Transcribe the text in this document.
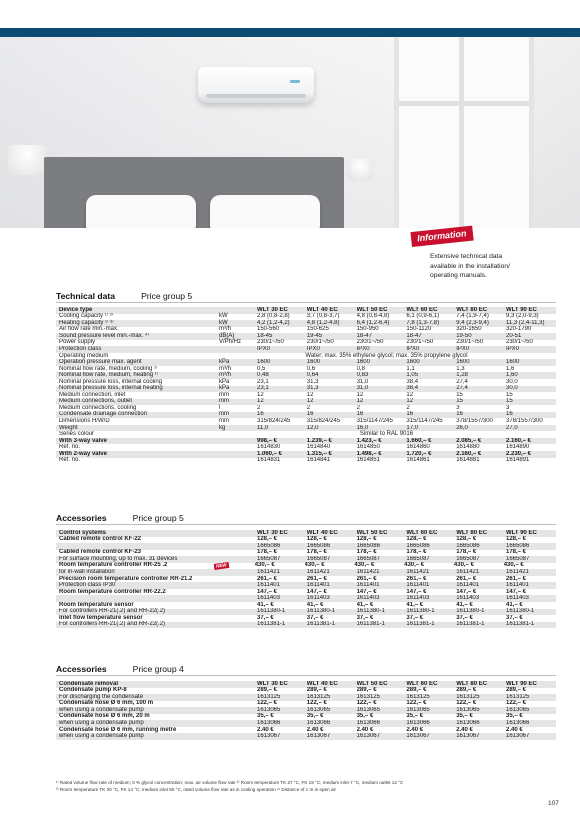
Information
Extensive technical data
available in the installation/
operating manuals.
Technical data	Price group 5
Device type	WLT 30 EC	WLT 40 EC	WLT 50 EC	WLT 60 EC	WLT 80 EC	WLT 90 EC
Cooling capacity ¹⁾ ²⁾	kW	2,8 (0,8-2,8)	3,7 (0,8-3,7)	4,8 (0,8-4,8)	6,1 (0,9-6,1)	7,4 (1,9-7,4)	9,3 (2,0-9,3)
Heating capacity ¹⁾ ³⁾	kW	4,2 (1,2-4,2)	4,8 (1,2-4,8)	6,4 (1,2-6,4)	7,8 (1,3-7,8)	9,4 (2,3-9,4)	11,3 (2,4-11,3)
Air flow rate min.-max.	m³/h	150-560	150-625	150-950	150-1120	320-1650	320-1790
Sound pressure level min.-max. ⁴⁾	dB(A)	18-45	19-45	18-47	18-47	19-50	20-51
Power supply	V/Ph/Hz	230/1~/50	230/1~/50	230/1~/50	230/1~/50	230/1~/50	230/1~/50
Protection class	IPX0	IPX0	IPX0	IPX0	IPX0	IPX0
Operating medium	Water; max. 35% ethylene glycol; max. 35% propylene glycol
Operation pressure max. agent	kPa	1600	1600	1600	1600	1600	1600
Nominal flow rate, medium, cooling ¹⁾	m³/h	0,5	0,6	0,8	1,1	1,3	1,6
Nominal flow rate, medium, heating ¹⁾	m³/h	0,48	0,64	0,83	1,05	1,28	1,60
Nominal pressure loss, internal cooling	kPa	23,1	31,3	31,0	38,4	27,4	30,0
Nominal pressure loss, internal heating	kPa	23,1	31,3	31,0	38,4	27,4	30,0
Medium connection, inlet	mm	12	12	12	12	15	15
Medium connections, outlet	mm	12	12	12	12	15	15
Medium connections, cooling	l	2	2	2	2	3	3
Condensate drainage connection	mm	16	16	16	16	16	16
Dimensions H/W/D	mm	315/824/245	315/824/245	315/1147/245	315/1147/245	378/1557/300	378/1557/300
Weight	kg	11,0	12,0	16,0	17,0	26,0	27,0
Series colour	Similar to RAL 9016
With 3-way valve	998,– €	1.239,– €	1.423,– €	1.660,– €	2.085,– €	2.160,– €
Ref. no.	1614830	1614840	1614850	1614860	1614880	1614890
With 2-way valve	1.060,– €	1.315,– €	1.498,– €	1.720,– €	2.160,– €	2.230,– €
Ref. no.	1614831	1614841	1614851	1614861	1614881	1614891
Accessories	Price group 5
Control systems	WLT 30 EC	WLT 40 EC	WLT 50 EC	WLT 60 EC	WLT 80 EC	WLT 90 EC
Cabled remote control KF-22	128,– €	128,– €	128,– €	128,– €	128,– €	128,– €
1665086	1665086	1665086	1665086	1665086	1665086
Cabled remote control KF-23	178,– €	178,– €	178,– €	178,– €	178,– €	178,– €
For surface mounting, up to max. 31 devices	1665087	1665087	1665087	1665087	1665087	1665087
Room temperature controller RR-25 .2	NEW	430,– €	430,– €	430,– €	430,– €	430,– €	430,– €
for in-wall installation	1611421	1611421	1611421	1611421	1611421	1611421
Precision room temperature controller RR-21.2	261,– €	261,– €	261,– €	261,– €	261,– €	261,– €
Protection class IP30	1611401	1611401	1611401	1611401	1611401	1611401
Room temperature controller RR-22.2	147,– €	147,– €	147,– €	147,– €	147,– €	147,– €
1611403	1611403	1611403	1611403	1611403	1611403
Room temperature sensor	41,– €	41,– €	41,– €	41,– €	41,– €	41,– €
For controllers RR-21(.2) and RR-22(.2)	1611380-1	1611380-1	1611380-1	1611380-1	1611380-1	1611380-1
Inlet flow temperature sensor	37,– €	37,– €	37,– €	37,– €	37,– €	37,– €
For controllers RR-21(.2) and RR-22(.2)	1611381-1	1611381-1	1611381-1	1611381-1	1611381-1	1611381-1
Accessories	Price group 4
Condensate removal	WLT 30 EC	WLT 40 EC	WLT 50 EC	WLT 60 EC	WLT 80 EC	WLT 90 EC
Condensate pump KP-8	289,– €	289,– €	289,– €	289,– €	289,– €	289,– €
For discharging the condensate	1613125	1613125	1613125	1613125	1613125	1613125
Condensate hose Ø 6 mm, 100 m	122,– €	122,– €	122,– €	122,– €	122,– €	122,– €
when using a condensate pump	1613065	1613065	1613065	1613065	1613065	1613065
Condensate hose Ø 6 mm, 20 m	35,– €	35,– €	35,– €	35,– €	35,– €	35,– €
when using a condensate pump	1613066	1613066	1613066	1613066	1613066	1613066
Condensate hose Ø 6 mm, running metre	2.40 €	2.40 €	2.40 €	2.40 €	2.40 €	2.40 €
when using a condensate pump	1613067	1613067	1613067	1613067	1613067	1613067
¹⁾ Rated volume flow rate of medium; 0 % glycol concentration; max. air volume flow rate ²⁾ Room temperature TK 27 °C, FK 19 °C; medium inlet 7 °C, medium outlet 12 °C
³⁾ Room temperature TK 20 °C, FK 14 °C; medium inlet 50 °C, rated volume flow rate as in cooling operation ⁴⁾ Distance of 1 m in open air
107
